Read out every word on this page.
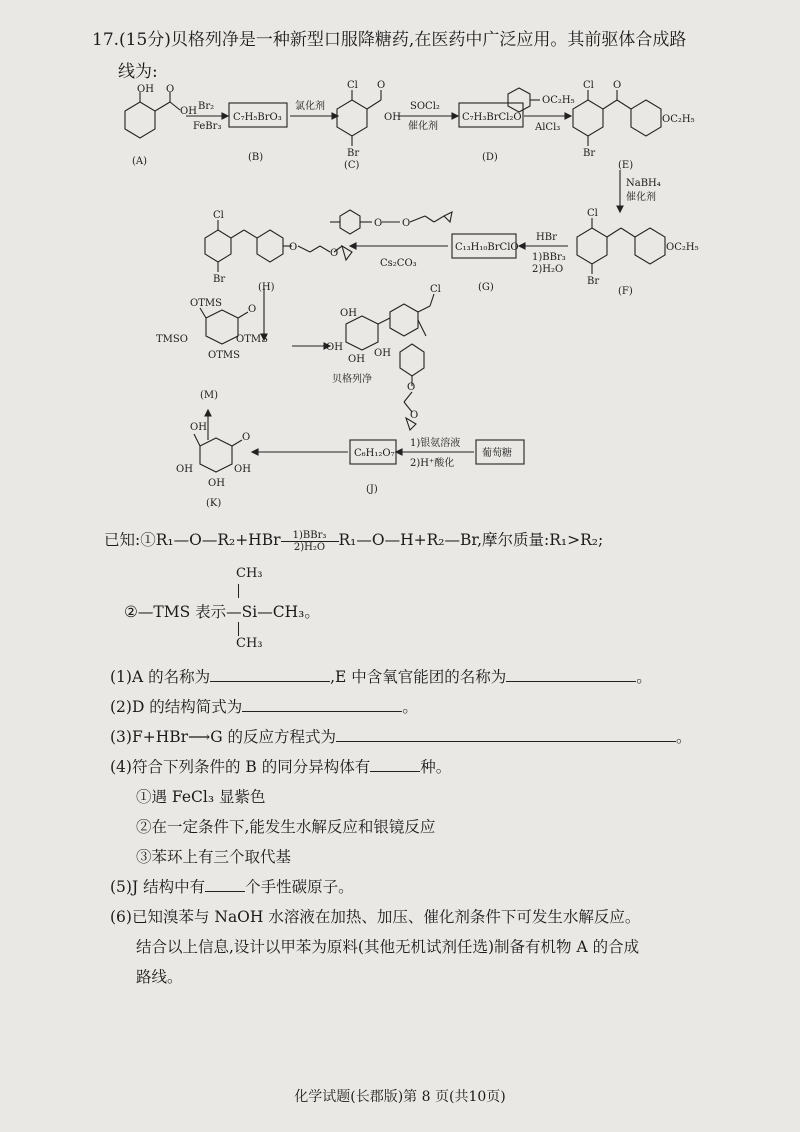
17.(15分)贝格列净是一种新型口服降糖药,在医药中广泛应用。其前驱体合成路
线为:
OH O
OH
(A)
Br₂
FeBr₃
C₇H₅BrO₃
(B)
氯化剂
Cl O
OH
Br
(C)
SOCl₂
催化剂
C₇H₃BrCl₂O
(D)
OC₂H₅
AlCl₃
Cl O
OC₂H₅
Br
(E)
NaBH₄
催化剂
Cl
OC₂H₅
Br
(F)
HBr
1)BBr₃
2)H₂O
C₁₃H₁₀BrClO
(G)
O O
Cs₂CO₃
Cl
Br
O
O
(H)
OTMS
O
TMSO	OTMS
OTMS
OH
OH
OH
OH
Cl
O
O
贝格列净
(M)
OH
O
OH	OH
OH
(K)
C₆H₁₂O₇
(J)
1)银氨溶液
2)H⁺酸化
葡萄糖
已知:①R₁—O—R₂+HBr	1)BBr₃
2)H₂O R₁—O—H+R₂—Br,摩尔质量:R₁>R₂;
CH₃
CH₃
②—TMS 表示—Si—CH₃。
(1)A 的名称为	,E 中含氧官能团的名称为	。
(2)D 的结构简式为	。
(3)F+HBr⟶G 的反应方程式为	。
(4)符合下列条件的 B 的同分异构体有	种。
①遇 FeCl₃ 显紫色
②在一定条件下,能发生水解反应和银镜反应
③苯环上有三个取代基
(5)J 结构中有	个手性碳原子。
(6)已知溴苯与 NaOH 水溶液在加热、加压、催化剂条件下可发生水解反应。
结合以上信息,设计以甲苯为原料(其他无机试剂任选)制备有机物 A 的合成
路线。
化学试题(长郡版)第 8 页(共10页)
